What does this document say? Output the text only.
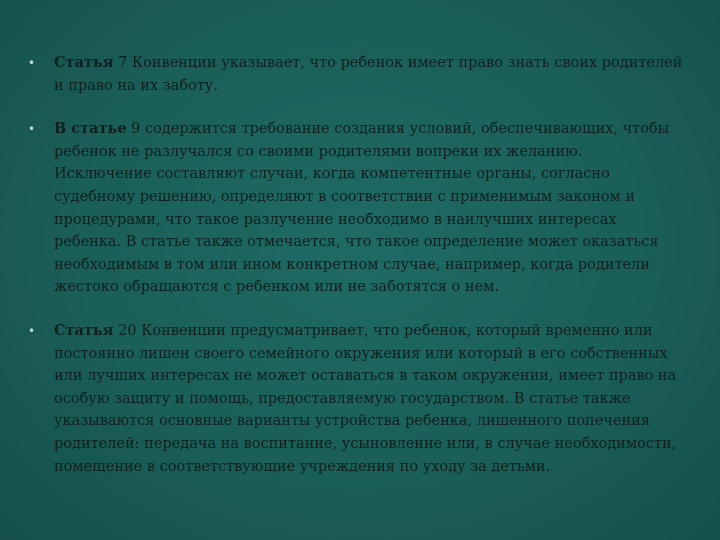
• Статья 7 Конвенции указывает, что ребенок имеет право знать своих родителей и право на их заботу.
• В статье 9 содержится требование создания условий, обеспечивающих, чтобы ребенок не разлучался со своими родителями вопреки их желанию. Исключение составляют случаи, когда компетентные органы, согласно судебному решению, определяют в соответствии с применимым законом и процедурами, что такое разлучение необходимо в наилучших интересах ребенка. В статье также отмечается, что такое определение может оказаться необходимым в том или ином конкретном случае, например, когда родители жестоко обращаются с ребенком или не заботятся о нем.
• Статья 20 Конвенции предусматривает, что ребенок, который временно или постоянно лишен своего семейного окружения или который в его собственных или лучших интересах не может оставаться в таком окружении, имеет право на особую защиту и помощь, предоставляемую государством. В статье также указываются основные варианты устройства ребенка, лишенного попечения родителей: передача на воспитание, усыновление или, в случае необходимости, помещение в соответствующие учреждения по уходу за детьми.
